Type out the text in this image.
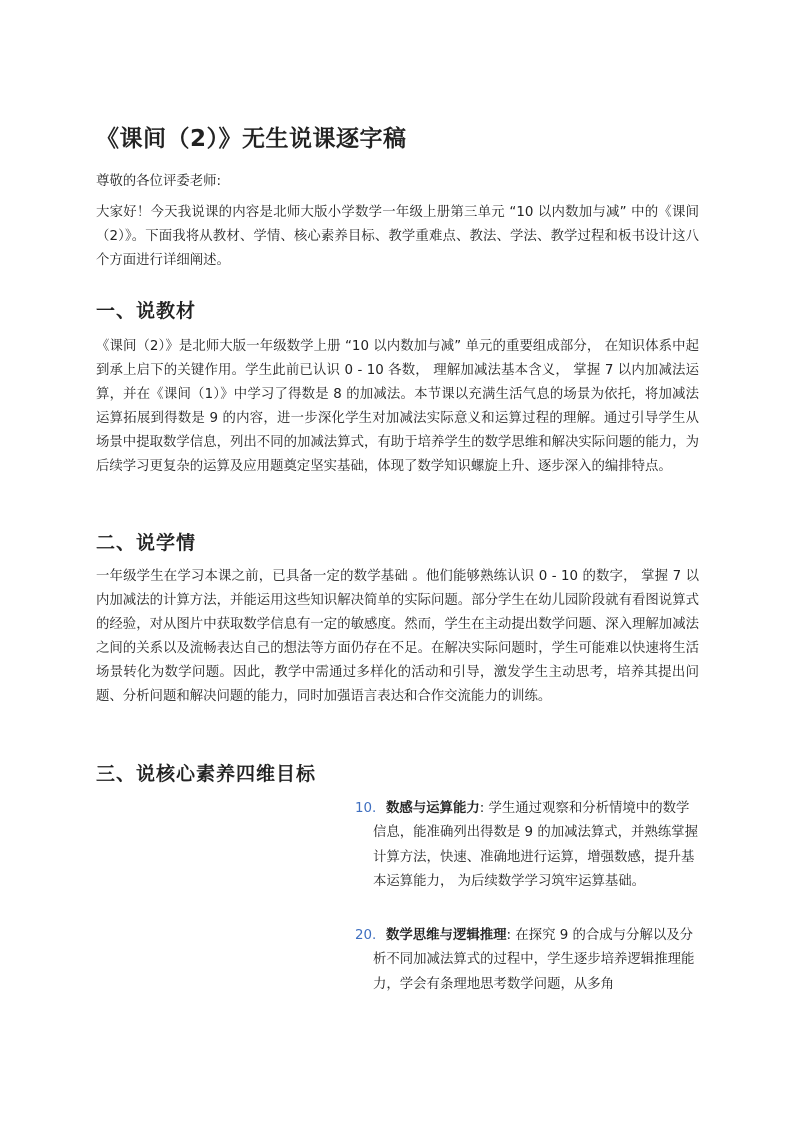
《课间（2）》无生说课逐字稿

尊敬的各位评委老师:

大家好！今天我说课的内容是北师大版小学数学一年级上册第三单元 “10 以内数加与减” 中的《课间（2）》。下面我将从教材、学情、核心素养目标、教学重难点、教法、学法、教学过程和板书设计这八个方面进行详细阐述。

一、说教材

《课间（2）》是北师大版一年级数学上册 “10 以内数加与减” 单元的重要组成部分， 在知识体系中起到承上启下的关键作用。学生此前已认识 0 - 10 各数， 理解加减法基本含义， 掌握 7 以内加减法运算，并在《课间（1）》中学习了得数是 8 的加减法。本节课以充满生活气息的场景为依托，将加减法运算拓展到得数是 9 的内容，进一步深化学生对加减法实际意义和运算过程的理解。通过引导学生从场景中提取数学信息，列出不同的加减法算式，有助于培养学生的数学思维和解决实际问题的能力，为后续学习更复杂的运算及应用题奠定坚实基础，体现了数学知识螺旋上升、逐步深入的编排特点。

二、说学情

一年级学生在学习本课之前，已具备一定的数学基础 。他们能够熟练认识 0 - 10 的数字， 掌握 7 以内加减法的计算方法，并能运用这些知识解决简单的实际问题。部分学生在幼儿园阶段就有看图说算式的经验，对从图片中获取数学信息有一定的敏感度。然而，学生在主动提出数学问题、深入理解加减法之间的关系以及流畅表达自己的想法等方面仍存在不足。在解决实际问题时，学生可能难以快速将生活场景转化为数学问题。因此，教学中需通过多样化的活动和引导，激发学生主动思考，培养其提出问题、分析问题和解决问题的能力，同时加强语言表达和合作交流能力的训练。

三、说核心素养四维目标
10. 数感与运算能力: 学生通过观察和分析情境中的数学信息，能准确列出得数是 9 的加减法算式，并熟练掌握计算方法，快速、准确地进行运算，增强数感，提升基本运算能力， 为后续数学学习筑牢运算基础。
20. 数学思维与逻辑推理: 在探究 9 的合成与分解以及分析不同加减法算式的过程中，学生逐步培养逻辑推理能力，学会有条理地思考数学问题，从多角
